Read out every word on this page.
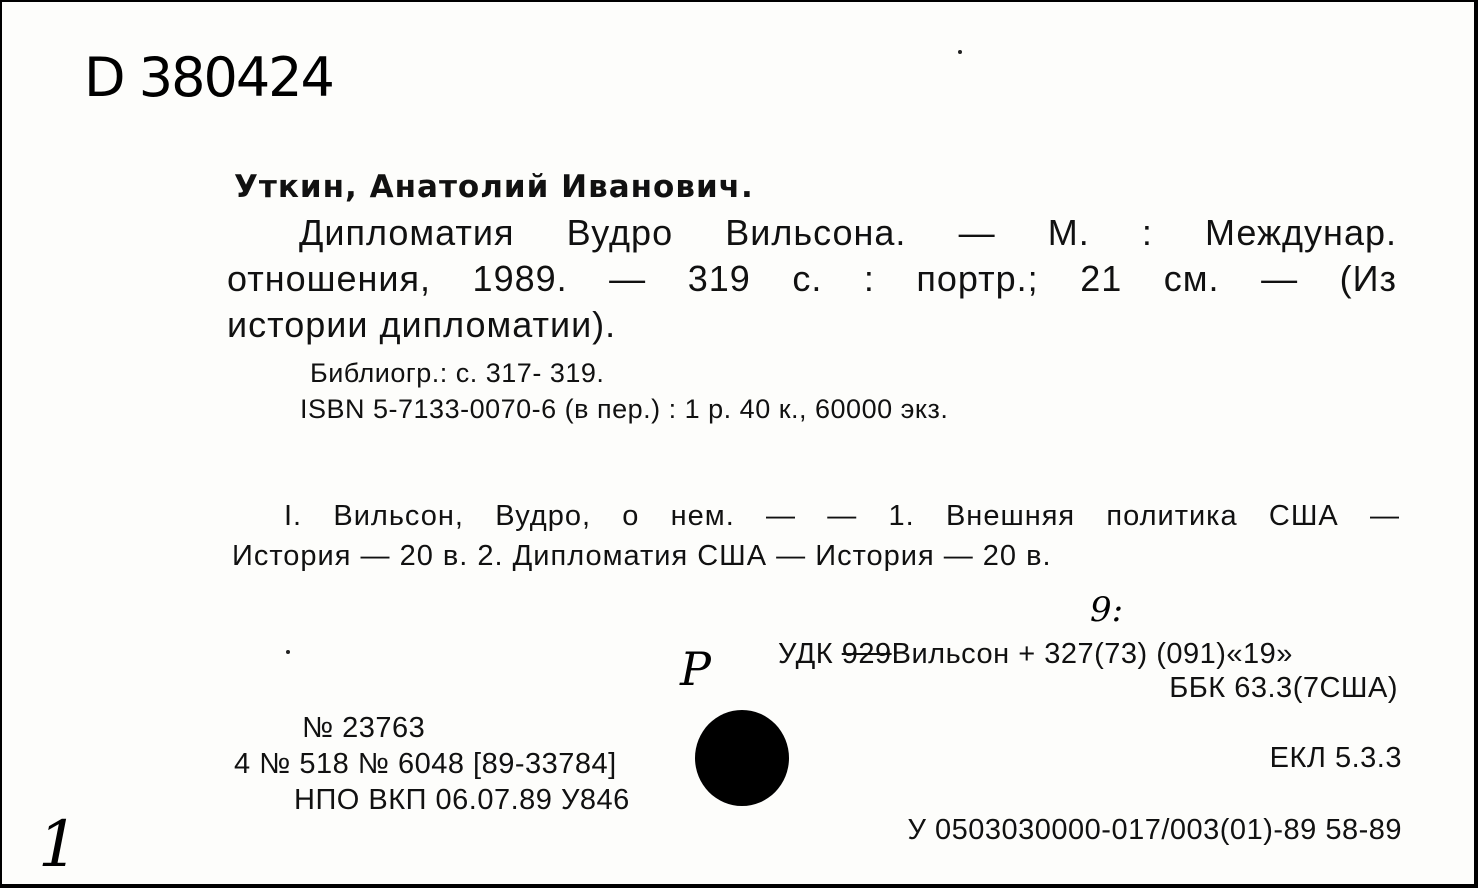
D 380424
Уткин, Анатолий Иванович.
Дипломатия Вудро Вильсона. — М. : Междунар.
отношения, 1989. — 319 с. : портр.; 21 см. — (Из
истории дипломатии).
Библиогр.: с. 317- 319.
ISBN 5-7133-0070-6 (в пер.) : 1 р. 40 к., 60000 экз.
I. Вильсон, Вудро, о нем. — — 1. Внешняя политика США —
История — 20 в. 2. Дипломатия США — История — 20 в.
9:
P УДК 929Вильсон + 327(73) (091)«19»
ББК 63.3(7США)
№ 23763
4 № 518 № 6048 [89-33784]
НПО ВКП 06.07.89 У846
ЕКЛ 5.3.3
У 0503030000-017/003(01)-89 58-89
1
